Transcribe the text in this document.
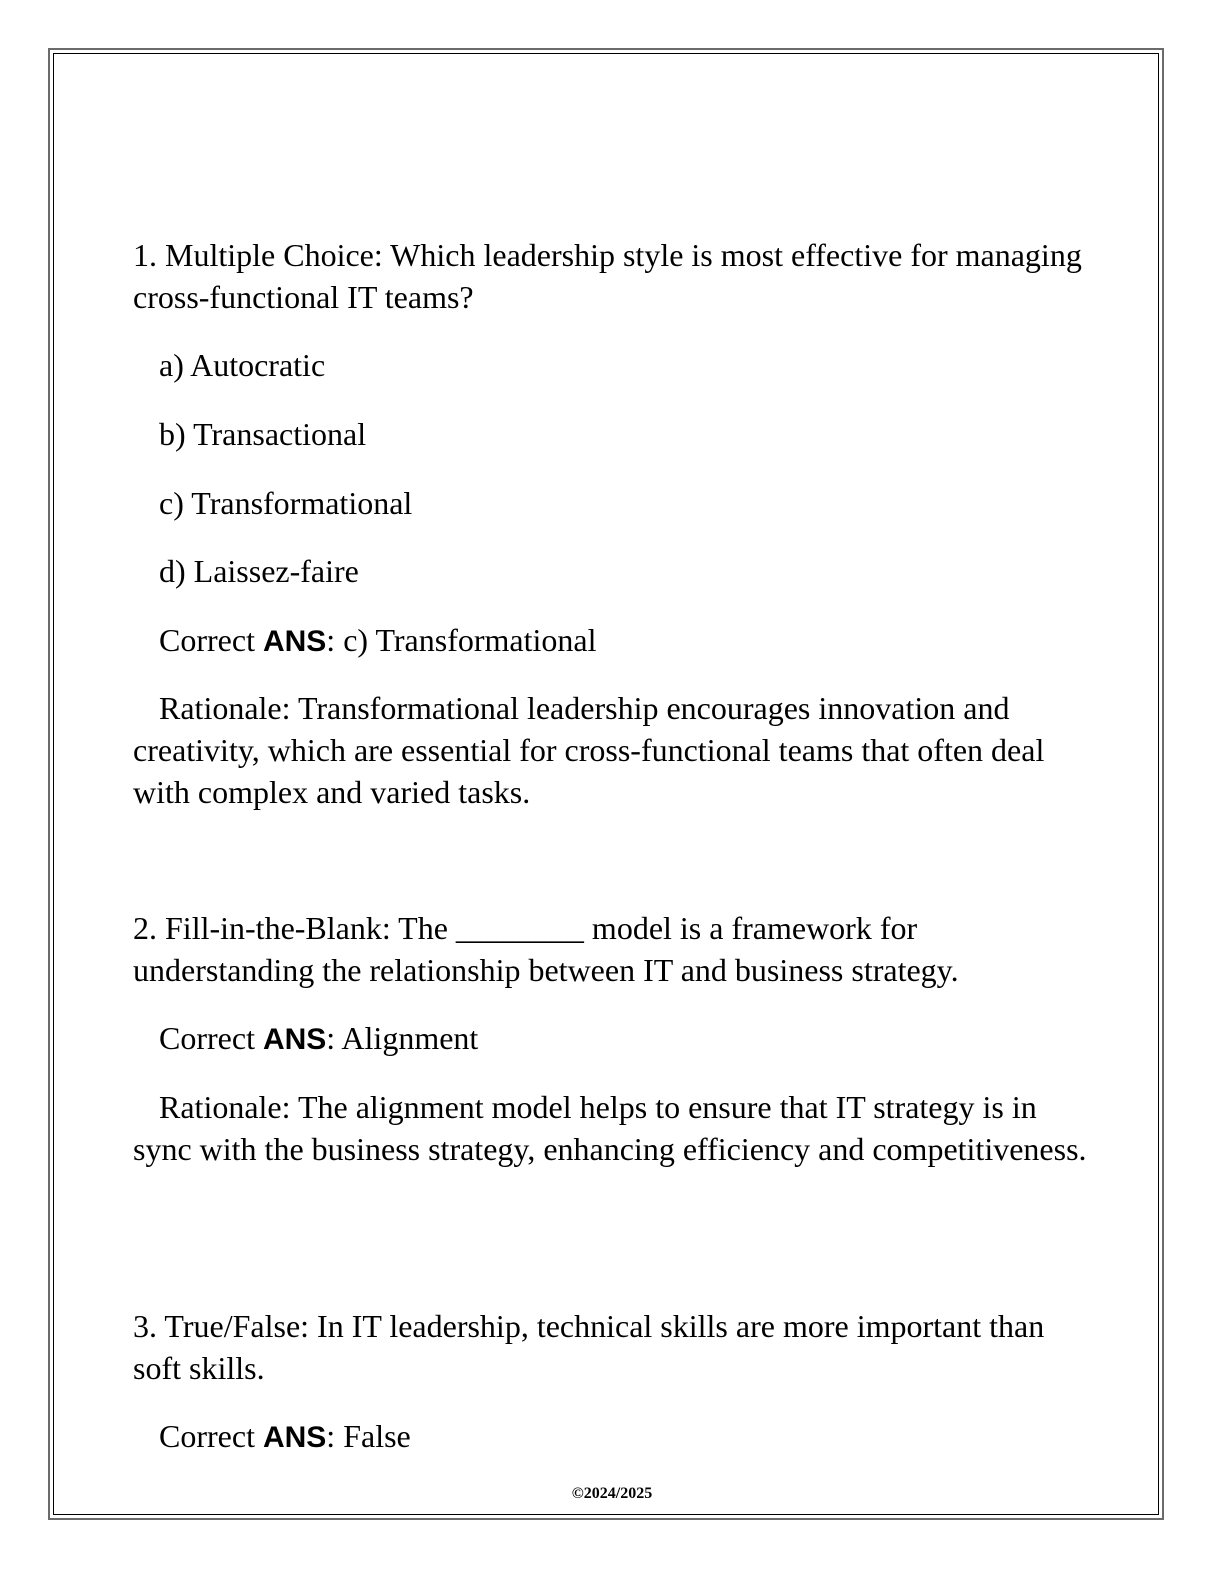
1. Multiple Choice: Which leadership style is most effective for managing cross-functional IT teams?

a) Autocratic

b) Transactional

c) Transformational

d) Laissez-faire

Correct ANS: c) Transformational

Rationale: Transformational leadership encourages innovation and creativity, which are essential for cross-functional teams that often deal with complex and varied tasks.

2. Fill-in-the-Blank: The ________ model is a framework for understanding the relationship between IT and business strategy.

Correct ANS: Alignment

Rationale: The alignment model helps to ensure that IT strategy is in sync with the business strategy, enhancing efficiency and competitiveness.

3. True/False: In IT leadership, technical skills are more important than soft skills.

Correct ANS: False

©2024/2025
